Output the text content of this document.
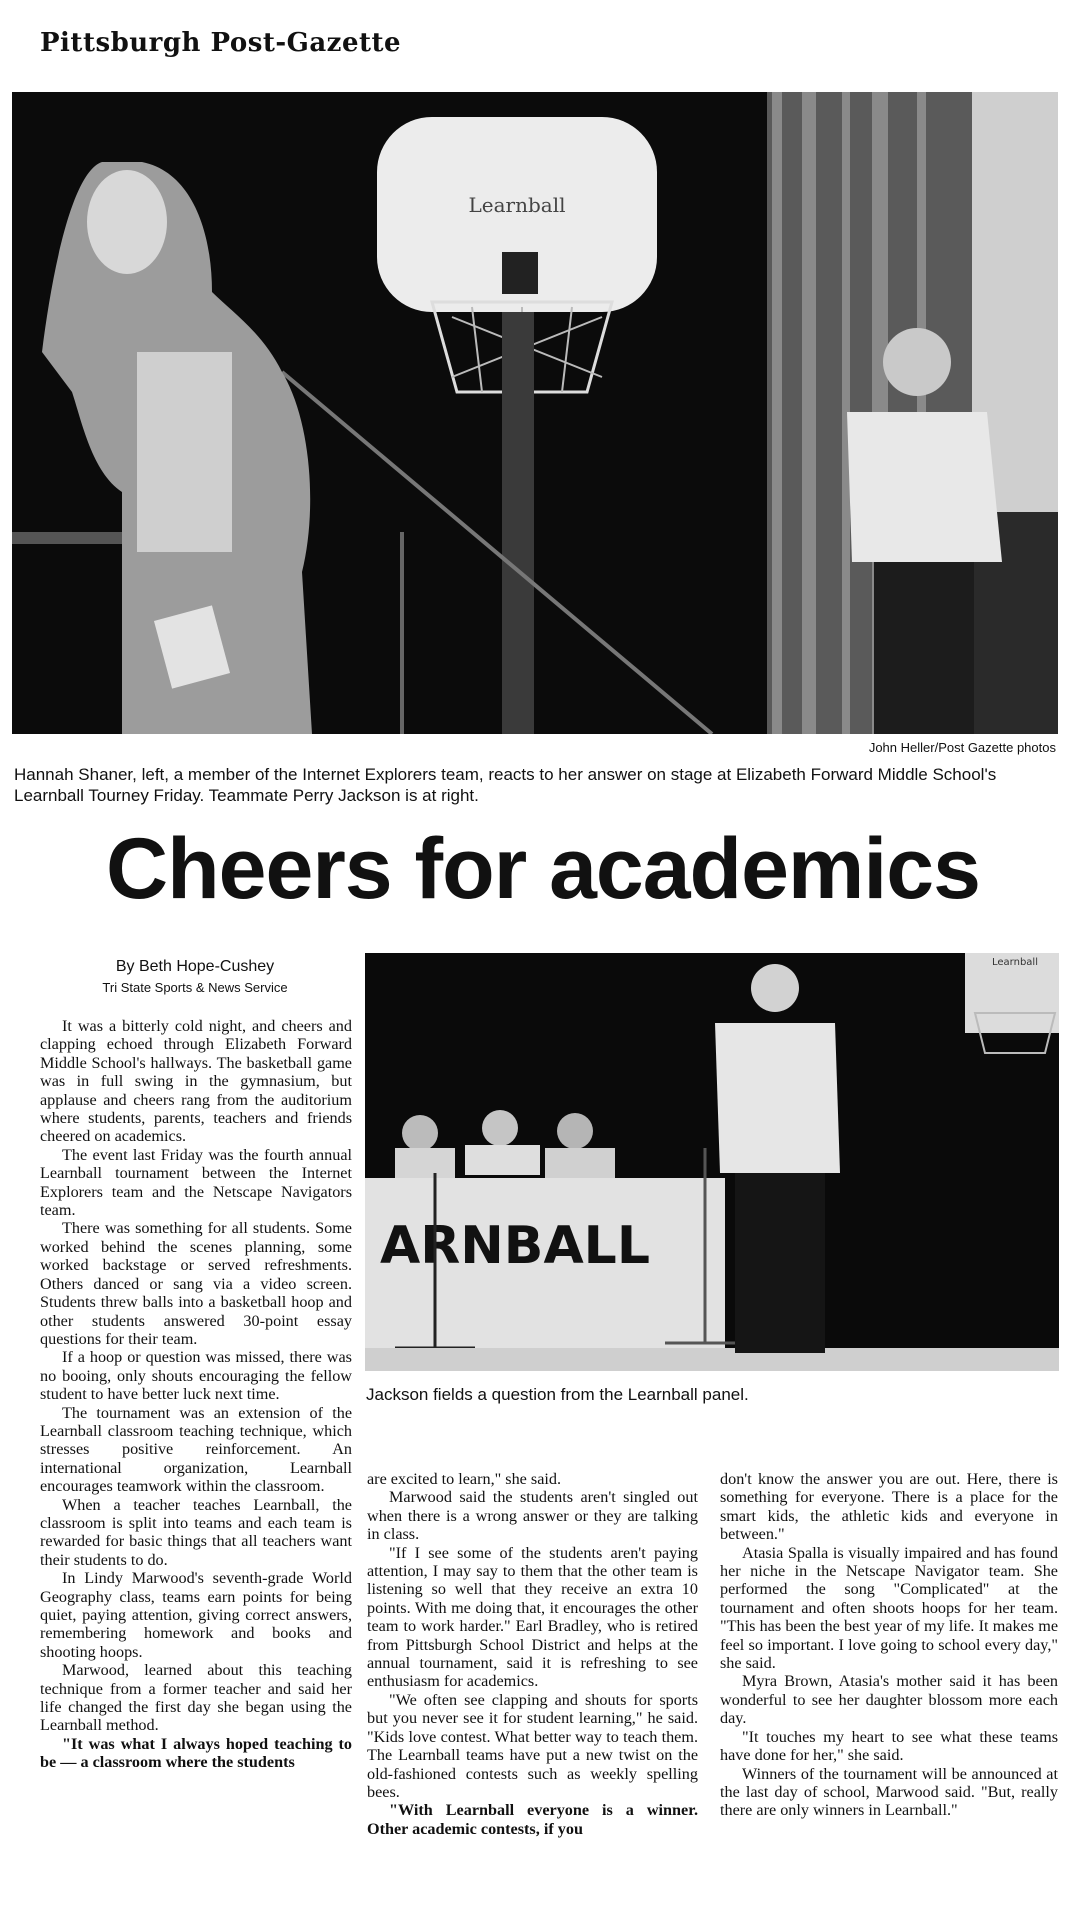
Pittsburgh Post-Gazette
Learnball
John Heller/Post Gazette photos
Hannah Shaner, left, a member of the Internet Explorers team, reacts to her answer on stage at Elizabeth Forward Middle School's Learnball Tourney Friday. Teammate Perry Jackson is at right.
Cheers for academics
By Beth Hope-Cushey
Tri State Sports & News Service
Learnball
ARNBALL
Jackson fields a question from the Learnball panel.

It was a bitterly cold night, and cheers and clapping echoed through Elizabeth Forward Middle School's hallways. The basketball game was in full swing in the gymnasium, but applause and cheers rang from the auditorium where students, parents, teachers and friends cheered on academics.

The event last Friday was the fourth annual Learnball tournament between the Internet Explorers team and the Netscape Navigators team.

There was something for all students. Some worked behind the scenes planning, some worked backstage or served refreshments. Others danced or sang via a video screen. Students threw balls into a basketball hoop and other students answered 30-point essay questions for their team.

If a hoop or question was missed, there was no booing, only shouts encouraging the fellow student to have better luck next time.

The tournament was an extension of the Learnball classroom teaching technique, which stresses positive reinforcement. An international organization, Learnball encourages teamwork within the classroom.

When a teacher teaches Learnball, the classroom is split into teams and each team is rewarded for basic things that all teachers want their students to do.

In Lindy Marwood's seventh-grade World Geography class, teams earn points for being quiet, paying attention, giving correct answers, remembering homework and books and shooting hoops.

Marwood, learned about this teaching technique from a former teacher and said her life changed the first day she began using the Learnball method.

"It was what I always hoped teaching to be — a classroom where the students

are excited to learn," she said.

Marwood said the students aren't singled out when there is a wrong answer or they are talking in class.

"If I see some of the students aren't paying attention, I may say to them that the other team is listening so well that they receive an extra 10 points. With me doing that, it encourages the other team to work harder." Earl Bradley, who is retired from Pittsburgh School District and helps at the annual tournament, said it is refreshing to see enthusiasm for academics.

"We often see clapping and shouts for sports but you never see it for student learning," he said. "Kids love contest. What better way to teach them. The Learnball teams have put a new twist on the old-fashioned contests such as weekly spelling bees.

"With Learnball everyone is a winner. Other academic contests, if you

don't know the answer you are out. Here, there is something for everyone. There is a place for the smart kids, the athletic kids and everyone in between."

Atasia Spalla is visually impaired and has found her niche in the Netscape Navigator team. She performed the song "Complicated" at the tournament and often shoots hoops for her team. "This has been the best year of my life. It makes me feel so important. I love going to school every day," she said.

Myra Brown, Atasia's mother said it has been wonderful to see her daughter blossom more each day.

"It touches my heart to see what these teams have done for her," she said.

Winners of the tournament will be announced at the last day of school, Marwood said. "But, really there are only winners in Learnball."
